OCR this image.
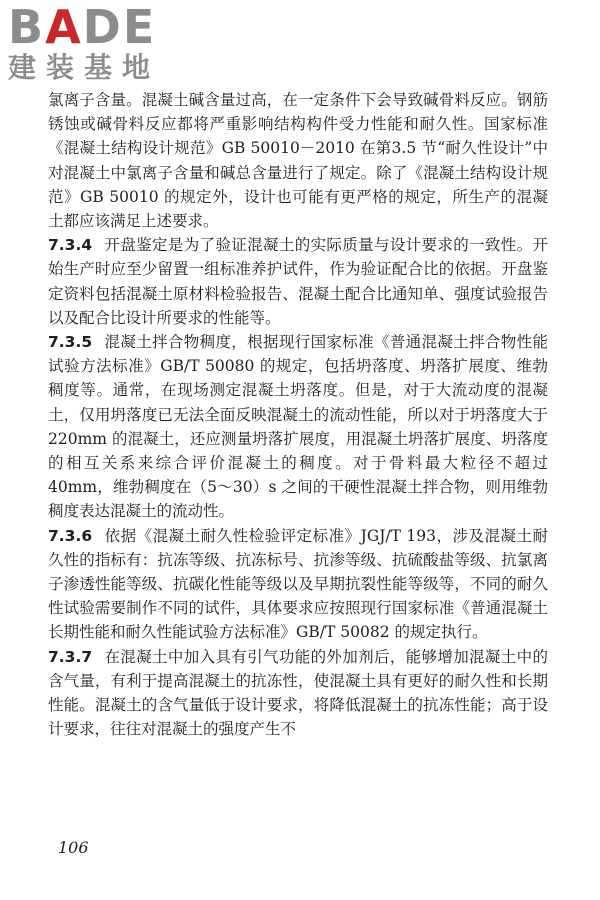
BADE
建装基地

氯离子含量。混凝土碱含量过高，在一定条件下会导致碱骨料反应。钢筋锈蚀或碱骨料反应都将严重影响结构构件受力性能和耐久性。国家标准《混凝土结构设计规范》GB 50010－2010 在第3.5 节“耐久性设计”中对混凝土中氯离子含量和碱总含量进行了规定。除了《混凝土结构设计规范》GB 50010 的规定外，设计也可能有更严格的规定，所生产的混凝土都应该满足上述要求。

7.3.4 开盘鉴定是为了验证混凝土的实际质量与设计要求的一致性。开始生产时应至少留置一组标准养护试件，作为验证配合比的依据。开盘鉴定资料包括混凝土原材料检验报告、混凝土配合比通知单、强度试验报告以及配合比设计所要求的性能等。

7.3.5 混凝土拌合物稠度，根据现行国家标准《普通混凝土拌合物性能试验方法标准》GB/T 50080 的规定，包括坍落度、坍落扩展度、维勃稠度等。通常，在现场测定混凝土坍落度。但是，对于大流动度的混凝土，仅用坍落度已无法全面反映混凝土的流动性能，所以对于坍落度大于 220mm 的混凝土，还应测量坍落扩展度，用混凝土坍落扩展度、坍落度的相互关系来综合评价混凝土的稠度。对于骨料最大粒径不超过 40mm，维勃稠度在（5～30）s 之间的干硬性混凝土拌合物，则用维勃稠度表达混凝土的流动性。

7.3.6 依据《混凝土耐久性检验评定标准》JGJ/T 193，涉及混凝土耐久性的指标有：抗冻等级、抗冻标号、抗渗等级、抗硫酸盐等级、抗氯离子渗透性能等级、抗碳化性能等级以及早期抗裂性能等级等，不同的耐久性试验需要制作不同的试件，具体要求应按照现行国家标准《普通混凝土长期性能和耐久性能试验方法标准》GB/T 50082 的规定执行。

7.3.7 在混凝土中加入具有引气功能的外加剂后，能够增加混凝土中的含气量，有利于提高混凝土的抗冻性，使混凝土具有更好的耐久性和长期性能。混凝土的含气量低于设计要求，将降低混凝土的抗冻性能；高于设计要求，往往对混凝土的强度产生不

106
